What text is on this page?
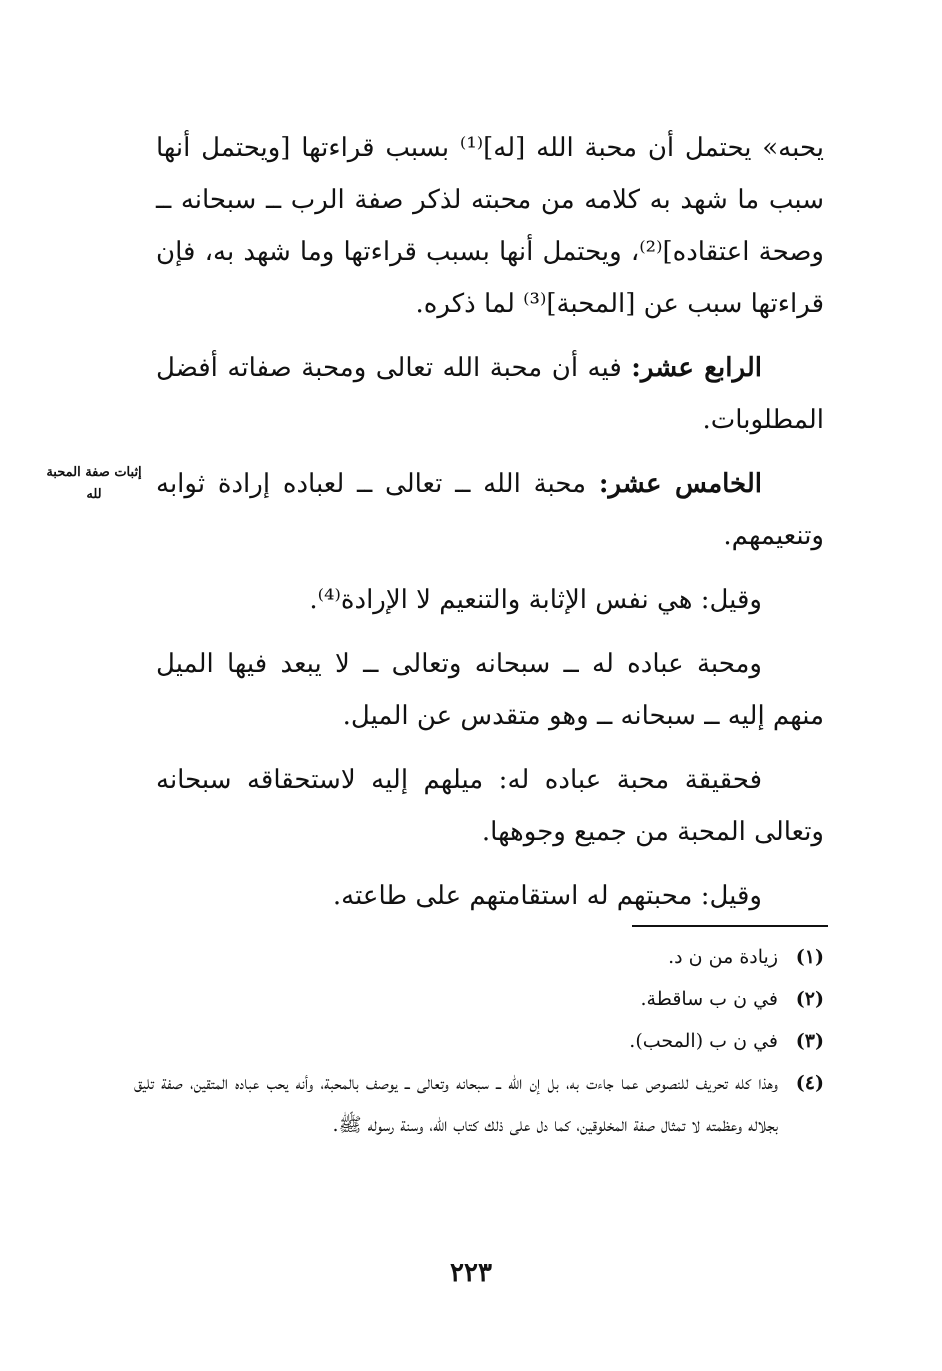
يحبه» يحتمل أن محبة الله [له]⁽¹⁾ بسبب قراءتها [ويحتمل أنها سبب ما شهد به كلامه من محبته لذكر صفة الرب ــ سبحانه ــ وصحة اعتقاده]⁽²⁾، ويحتمل أنها بسبب قراءتها وما شهد به، فإن قراءتها سبب عن [المحبة]⁽³⁾ لما ذكره.

الرابع عشر: فيه أن محبة الله تعالى ومحبة صفاته أفضل المطلوبات.

الخامس عشر: محبة الله ــ تعالى ــ لعباده إرادة ثوابه وتنعيمهم.

وقيل: هي نفس الإثابة والتنعيم لا الإرادة⁽⁴⁾.

ومحبة عباده له ــ سبحانه وتعالى ــ لا يبعد فيها الميل منهم إليه ــ سبحانه ــ وهو متقدس عن الميل.

فحقيقة محبة عباده له: ميلهم إليه لاستحقاقه سبحانه وتعالى المحبة من جميع وجوهها.

وقيل: محبتهم له استقامتهم على طاعته.

إثبات صفة المحبة لله
(١)
زيادة من ن د.
(٢)
في ن ب ساقطة.
(٣)
في ن ب (المحب).
(٤)
وهذا كله تحريف للنصوص عما جاءت به، بل إن الله ــ سبحانه وتعالى ــ يوصف بالمحبة، وأنه يحب عباده المتقين، صفة تليق بجلاله وعظمته لا تمثال صفة المخلوقين، كما دل على ذلك كتاب الله، وسنة رسوله ﷺ.
٢٢٣
